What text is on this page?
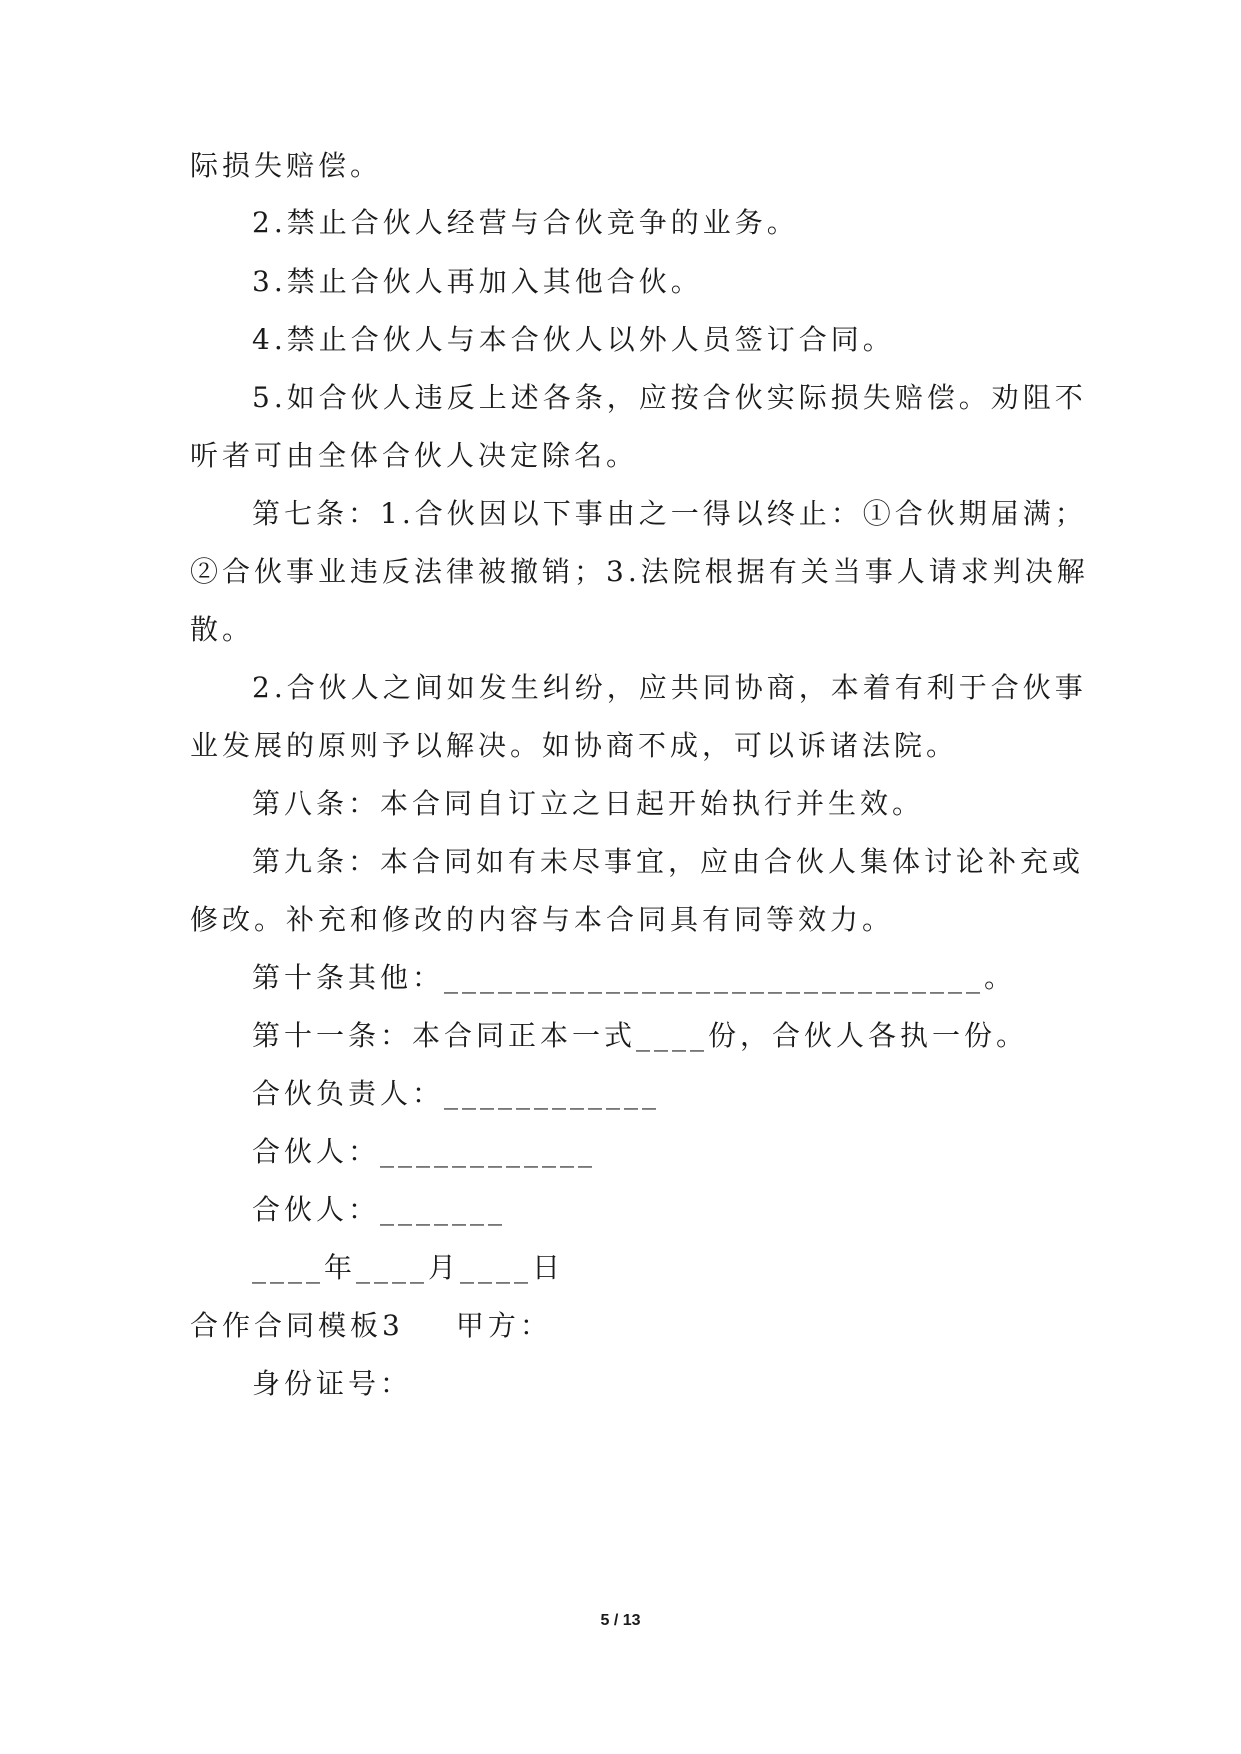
际损失赔偿。
2.禁止合伙人经营与合伙竞争的业务。
3.禁止合伙人再加入其他合伙。
4.禁止合伙人与本合伙人以外人员签订合同。
5.如合伙人违反上述各条，应按合伙实际损失赔偿。劝阻不
听者可由全体合伙人决定除名。
第七条：1.合伙因以下事由之一得以终止：①合伙期届满；
②合伙事业违反法律被撤销；3.法院根据有关当事人请求判决解
散。
2.合伙人之间如发生纠纷，应共同协商，本着有利于合伙事
业发展的原则予以解决。如协商不成，可以诉诸法院。
第八条：本合同自订立之日起开始执行并生效。
第九条：本合同如有未尽事宜，应由合伙人集体讨论补充或
修改。补充和修改的内容与本合同具有同等效力。
第十条其他：______________________________。
第十一条：本合同正本一式____份，合伙人各执一份。
合伙负责人：____________
合伙人：____________
合伙人：_______
____年____月____日
合作合同模板3 甲方：
身份证号：
5 / 13
